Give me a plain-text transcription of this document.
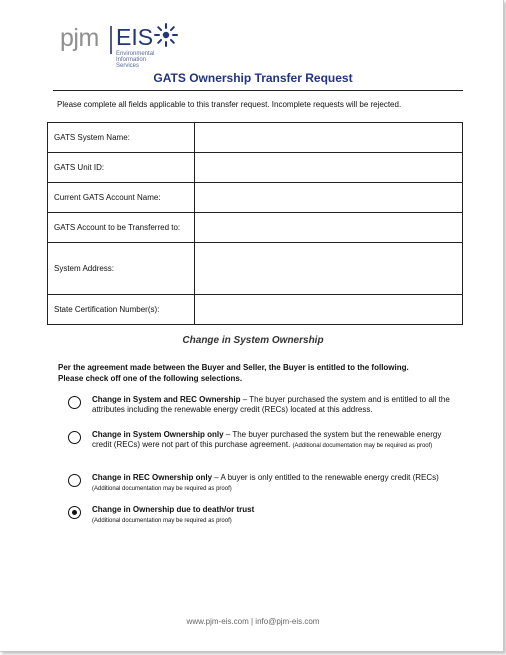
pjm EIS
Environmental
Information Services
GATS Ownership Transfer Request
Please complete all fields applicable to this transfer request. Incomplete requests will be rejected.
GATS System Name:	
GATS Unit ID:	
Current GATS Account Name:	
GATS Account to be Transferred to:	
System Address:	
State Certification Number(s):	
Change in System Ownership
Per the agreement made between the Buyer and Seller, the Buyer is entitled to the following. Please check off one of the following selections.
Change in System and REC Ownership – The buyer purchased the system and is entitled to all the attributes including the renewable energy credit (RECs) located at this address.
Change in System Ownership only – The buyer purchased the system but the renewable energy credit (RECs) were not part of this purchase agreement. (Additional documentation may be required as proof)
Change in REC Ownership only – A buyer is only entitled to the renewable energy credit (RECs)
(Additional documentation may be required as proof)
Change in Ownership due to death/or trust
(Additional documentation may be required as proof)
www.pjm-eis.com | info@pjm-eis.com
